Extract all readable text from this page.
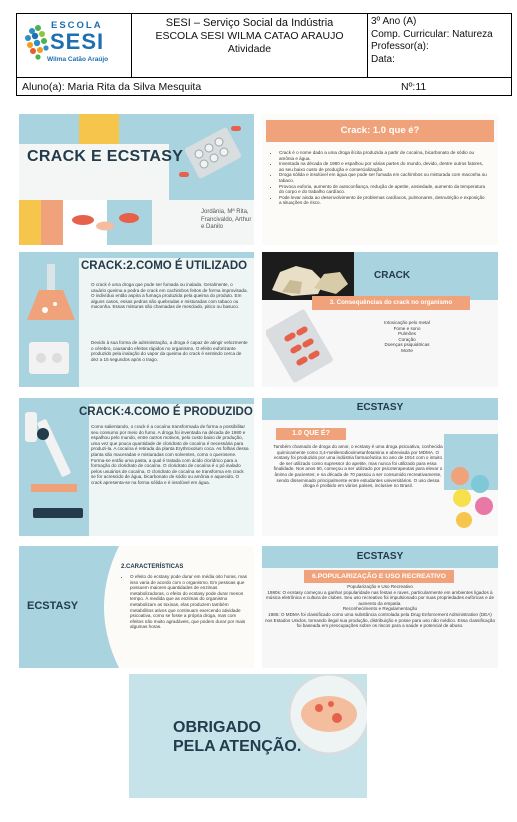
ESCOLA
SESI
Wilma Catão Araújo
SESI – Serviço Social da Indústria
ESCOLA SESI WILMA CATAO ARAUJO
Atividade
3º Ano (A)
Comp. Curricular: Natureza
Professor(a):
Data:
Aluno(a): Maria Rita da Silva Mesquita	Nº:11
CRACK E ECSTASY
Jordânia, Mª Rita, Francivaldo, Arthur e Danilo
Crack: 1.0 que é?
• Crack é o nome dado a uma droga ilícita produzida a partir de cocaína, bicarbonato de sódio ou amônia e água.
• Inventada na década de 1980 e espalhou por várias partes do mundo, devido, dentre outros fatores, ao seu baixo custo de produção e comercialização.
• Droga sólida e insolúvel em água que pode ser fumada em cachimbos ou misturada com maconha ou tabaco.
• Provoca euforia, aumento de autoconfiança, redução de apetite, ansiedade, aumento da temperatura do corpo e do trabalho cardíaco.
• Pode levar ainda ao desenvolvimento de problemas cardíacos, pulmonares, desnutrição e exposição a situações de risco.
CRACK:2.COMO É UTILIZADO
O crack é uma droga que pode ser fumada ou inalada. Geralmente, o usuário queima a pedra de crack em cachimbos feitos de forma improvisada. O indivíduo então aspira a fumaça produzida pela queima do produto. Em alguns casos, essas pedras são quebradas e misturadas com tabaco ou maconha. Essas misturas são chamadas de mesclado, pitico ou basuco.
Devido à sua forma de administração, a droga é capaz de atingir velozmente o cérebro, causando efeitos rápidos no organismo. O efeito euforizante produzido pela inalação do vapor da queima do crack é sentindo cerca de dez a 15 segundos após o trago.
CRACK
3. Consequências do crack no organismo
Intoxicação pelo metal
Fome e sono
Pulmões
Coração
Doenças psiquiátricas
Morte
CRACK:4.COMO É PRODUZIDO
Como salientando, o crack é a cocaína transformada de forma a possibilitar seu consumo por meio do fumo. A droga foi inventada na década de 1980 e espalhou pelo mundo, entre outros motivos, pelo custo baixo de produção, uma vez que pouca quantidade de cloridrato de cocaína é necessária para produzi-la. A cocaína é retirada da planta Erythroxolum coca. As folhas dessa planta são maceradas e misturadas com solventes, como o querosene. Forma-se então uma pasta, a qual é tratada com ácido clorídrico para a formação do cloridrato de cocaína. O cloridrato de cocaína é o pó inalado pelos usuários de cocaína. O cloridrato de cocaína se transforma em crack se for acrescido de água, bicarbonato de sódio ou amônia e aquecido. O crack apresenta-se na forma sólida e é insolúvel em água.
ECSTASY
1.0 QUE É?
Também chamado de droga do amor, o ecstasy é uma droga psicoativa, conhecida quimicamente como 3,4-metilenodioximetanfetamina e abreviada por MDMA. O ecstasy foi produzido por uma indústria farmacêutica no ano de 1914 com o intuito de ser utilizado como supressor do apetite, mas nunca foi utilizado para essa finalidade. Nos anos 60, começou a ser utilizado por psicoterapeutas para elevar o ânimo de pacientes; e na década de 70 passou a ser consumido recreativamente, sendo disseminado principalmente entre estudantes universitários. O uso dessa droga é proibido em vários países, inclusive no Brasil.
ECSTASY
2.CARACTERÍSTICAS
• O efeito do ecstasy pode durar em média oito horas, mas isso varia de acordo com o organismo. Em pessoas que possuem maiores quantidades de enzimas metabolizadoras, o efeito do ecstasy pode durar menos tempo. À medida que as enzimas do organismo metabolizam as toxinas, elas produzem também metabólitos ativos que continuam exercendo atividade psicoativa, como se fosse a própria droga, mas com efeitos não muito agradáveis, que podem durar por mais algumas horas.
ECSTASY
6.POPULARIZAÇÃO E USO RECREATIVO
Popularização e Uso Recreativo
1980s: O ecstasy começou a ganhar popularidade nas festas e raves, particularmente em ambientes ligados à música eletrônica e cultura de clubes. Seu uso recreativo foi impulsionado por suas propriedades eufóricas e de aumento da empatia.
Reconhecimento e Regulamentação
1985: O MDMA foi classificado como uma substância controlada pela Drug Enforcement Administration (DEA) nos Estados Unidos, tornando ilegal sua produção, distribuição e posse para uso não médico. Essa classificação foi baseada em preocupações sobre os riscos para a saúde e potencial de abuso.
OBRIGADO
PELA ATENÇÃO.
